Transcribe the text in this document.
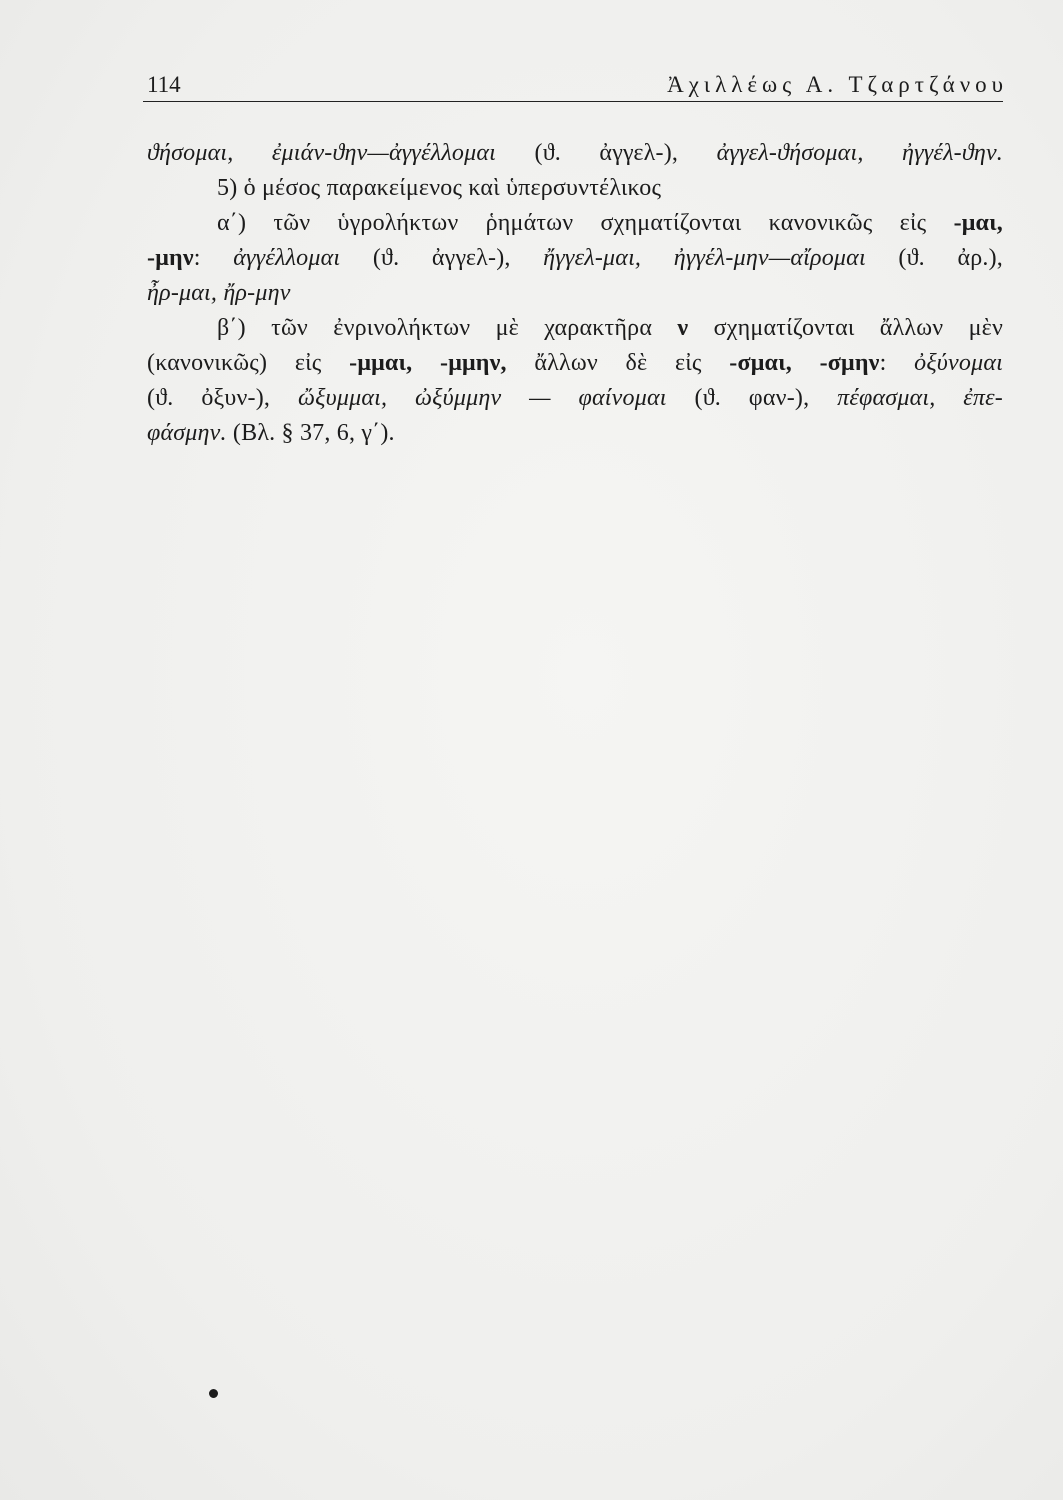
114	Ἀχιλλέως Α. Τζαρτζάνου
ϑήσομαι, ἐμιάν-ϑην—ἀγγέλλομαι (ϑ. ἀγγελ-), ἀγγελ-ϑήσομαι, ἠγγέλ-ϑην.
5) ὁ μέσος παρακείμενος καὶ ὑπερσυντέλικος
α΄) τῶν ὑγρολήκτων ῥημάτων σχηματίζονται κανονικῶς εἰς -μαι,
-μην: ἀγγέλλομαι (ϑ. ἀγγελ-), ἤγγελ-μαι, ἠγγέλ-μην—αἴρομαι (ϑ. ἀρ.),
ἦρ-μαι, ἤρ-μην
β΄) τῶν ἐνρινολήκτων μὲ χαρακτῆρα ν σχηματίζονται ἄλλων μὲν
(κανονικῶς) εἰς -μμαι, -μμην, ἄλλων δὲ εἰς -σμαι, -σμην: ὀξύνομαι
(ϑ. ὀξυν-), ὤξυμμαι, ὠξύμμην — φαίνομαι (ϑ. φαν-), πέφασμαι, ἐπε-
φάσμην. (Βλ. § 37, 6, γ΄).
